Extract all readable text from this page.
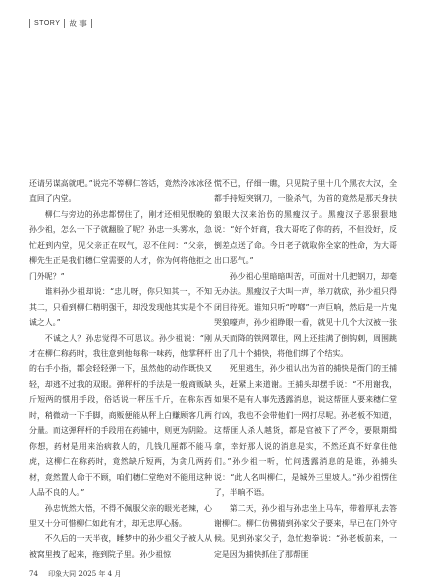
STORY 故 事

还请另谋高就吧。”说完不等柳仁答话，竟然泠冰冰径直回了内堂。

柳仁与旁边的孙忠都愣住了，刚才还相见恨晚的孙少祖，怎么一下子就翻脸了呢？孙忠一头雾水，急忙赶到内堂，见父亲正在叹气，忍不住问：“父亲，柳先生正是我们穗仁堂需要的人才，你为何将他拒之门外呢？”

谁料孙少祖却说：“忠儿呀，你只知其一，不知其二，只看到柳仁精明强干，却没发现他其实是个不诚之人。”

不诚之人？孙忠觉得不可思议。孙少祖说：“刚才在柳仁称药时，我往意到他每称一味药，他掌秤杆的右手小指，都会轻轻弹一下，虽然他的动作既快又轻，却逃不过我的双眼。弹秤杆的手法是一般商贩缺斤短两的惯用手段，俗话说一秤压千斤，在称东西时，稍微动一下手脚，商贩便能从秤上白赚顾客几两分量。而这弹秤杆的手段用在药铺中，则更为阴险。你想，药材是用来治病救人的，几钱几厘都不能马虎，这柳仁在称药时，竟然缺斤短两，为贪几两药材，竟然置人命于不顾，咱们穗仁堂绝对不能用这种人品不良的人。”

孙忠恍然大悟，不得不佩服父亲的眼光老辣，心里又十分可惜柳仁如此有才，却无忠厚心肠。

不久后的一天半夜，睡梦中的孙少祖父子被人从被窝里拽了起来，拖到院子里。孙少祖惊

慌不已，仔细一瞧，只见院子里十几个黑衣大汉，全都手持短突钢刀，一脸杀气，为首的竟然是那天身扶狼眼大汉来治伤的黑瘦汉子。黑瘦汉子恶狠狠地说：“好个奸商，我大哥吃了你的药，不但没好，反倒差点送了命。今日老子就取你全家的性命，为大哥出口恶气。”

孙少祖心里暗暗叫苦，可面对十几把钢刀，却毫无办法。黑瘦汉子大叫一声，举刀就砍，孙少祖只得闭目待死。谁知只听“哼啷”一声巨响，然后是一片鬼哭狼嚎声，孙少祖睁眼一看，就见十几个大汉被一张从天而降的铁网罩住，网上还挂满了倒钩刺，周围跳出了几十个捕快，将他们绑了个结实。

死里逃生，孙少祖认出为首的捕快是衙门的王捕头，赶紧上来道谢。王捕头却摆手说：“不用谢我，如果不是有人事先透露消息，说这帮匪人要来穗仁堂行凶，我也不会带他们一网打尽呢。孙老板不知道，这帮匪人杀人越货，都是官被下了严令，要限期缉拿，幸好那人说的消息是实，不然还真不好拿住他们。”孙少祖一听，忙问透露消息的是谁，孙捕头说：“此人名叫柳仁，是城外三里坡人。”孙少祖愣住了，半晌不语。

第二天，孙少祖与孙忠坐上马车，带着厚礼去答谢柳仁。柳仁仿佛猜到孙家父子要来，早已在门外守候。见到孙家父子，急忙抱拳说：“孙老板前来，一定是因为捕快抓住了那帮匪

74 印象大同 2025 年 4 月
